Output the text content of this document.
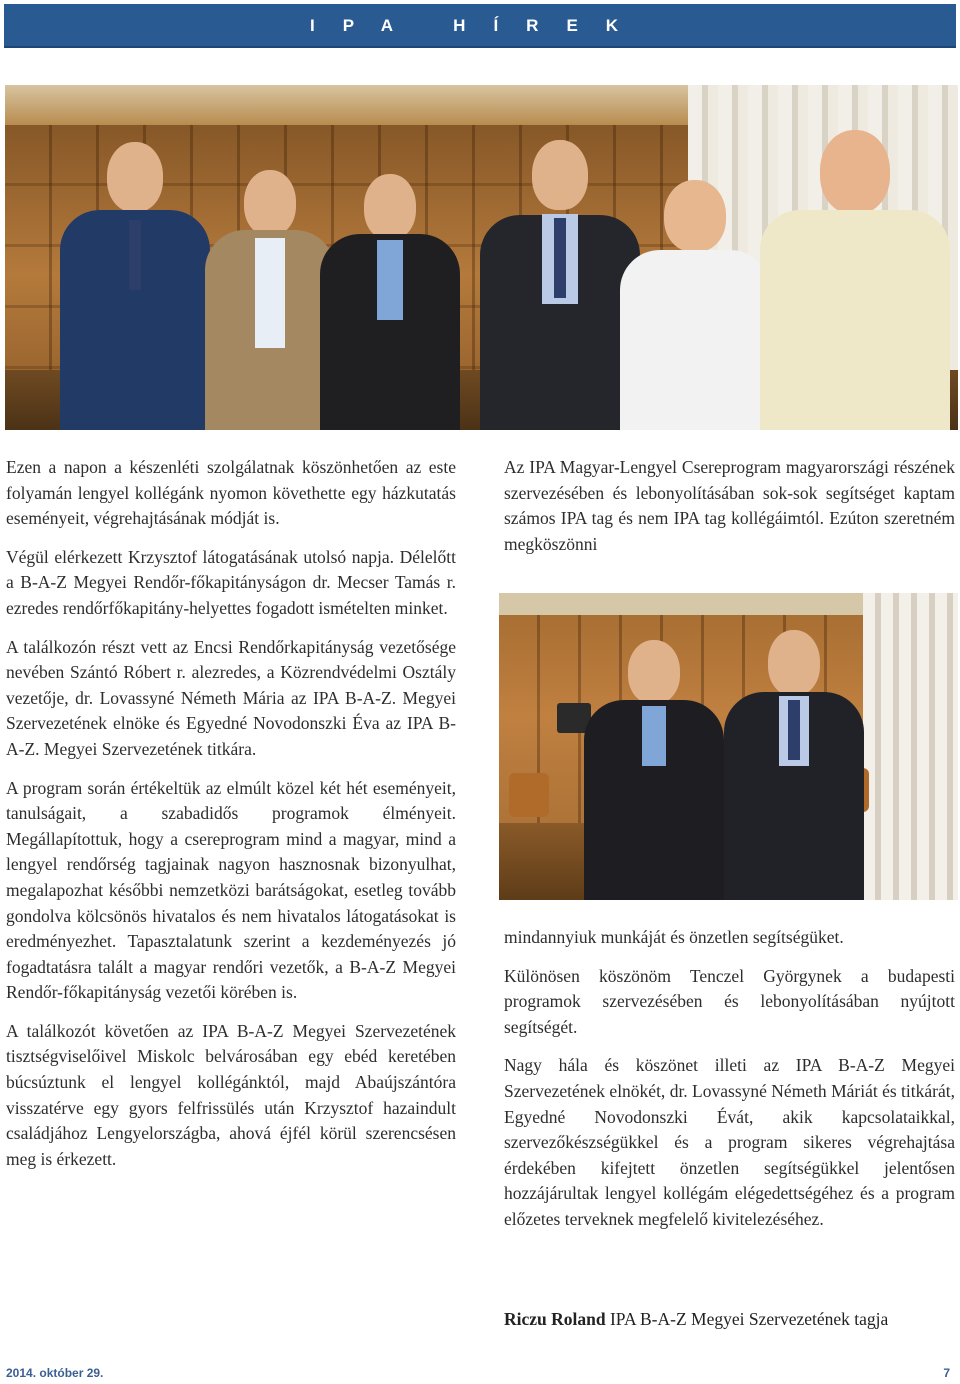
IPA HÍREK

Ezen a napon a készenléti szolgálatnak köszönhetően az este folyamán lengyel kollégánk nyomon követhette egy házkutatás eseményeit, végrehajtásának módját is.

Végül elérkezett Krzysztof látogatásának utolsó napja. Délelőtt a B-A-Z Megyei Rendőr-főkapitányságon dr. Mecser Tamás r. ezredes rendőrfőkapitány-helyettes fogadott ismételten minket.

A találkozón részt vett az Encsi Rendőrkapitányság vezetősége nevében Szántó Róbert r. alezredes, a Közrendvédelmi Osztály vezetője, dr. Lovassyné Németh Mária az IPA B-A-Z. Megyei Szervezetének elnöke és Egyedné Novodonszki Éva az IPA B-A-Z. Megyei Szervezetének titkára.

A program során értékeltük az elmúlt közel két hét eseményeit, tanulságait, a szabadidős programok élményeit. Megállapítottuk, hogy a csereprogram mind a magyar, mind a lengyel rendőrség tagjainak nagyon hasznosnak bizonyulhat, megalapozhat későbbi nemzetközi barátságokat, esetleg tovább gondolva kölcsönös hivatalos és nem hivatalos látogatásokat is eredményezhet. Tapasztalatunk szerint a kezdeményezés jó fogadtatásra talált a magyar rendőri vezetők, a B-A-Z Megyei Rendőr-főkapitányság vezetői körében is.

A találkozót követően az IPA B-A-Z Megyei Szervezetének tisztségviselőivel Miskolc belvárosában egy ebéd keretében búcsúztunk el lengyel kollégánktól, majd Abaújszántóra visszatérve egy gyors felfrissülés után Krzysztof hazaindult családjához Lengyelországba, ahová éjfél körül szerencsésen meg is érkezett.

Az IPA Magyar-Lengyel Csereprogram magyarországi részének szervezésében és lebonyolításában sok-sok segítséget kaptam számos IPA tag és nem IPA tag kollégáimtól. Ezúton szeretném megköszönni

mindannyiuk munkáját és önzetlen segítségüket.

Különösen köszönöm Tenczel Györgynek a budapesti programok szervezésében és lebonyolításában nyújtott segítségét.

Nagy hála és köszönet illeti az IPA B-A-Z Megyei Szervezetének elnökét, dr. Lovassyné Németh Máriát és titkárát, Egyedné Novodonszki Évát, akik kapcsolataikkal, szervezőkészségükkel és a program sikeres végrehajtása érdekében kifejtett önzetlen segítségükkel jelentősen hozzájárultak lengyel kollégám elégedettségéhez és a program előzetes terveknek megfelelő kivitelezéséhez.

Riczu Roland IPA B-A-Z Megyei Szervezetének tagja
2014. október 29.	7
